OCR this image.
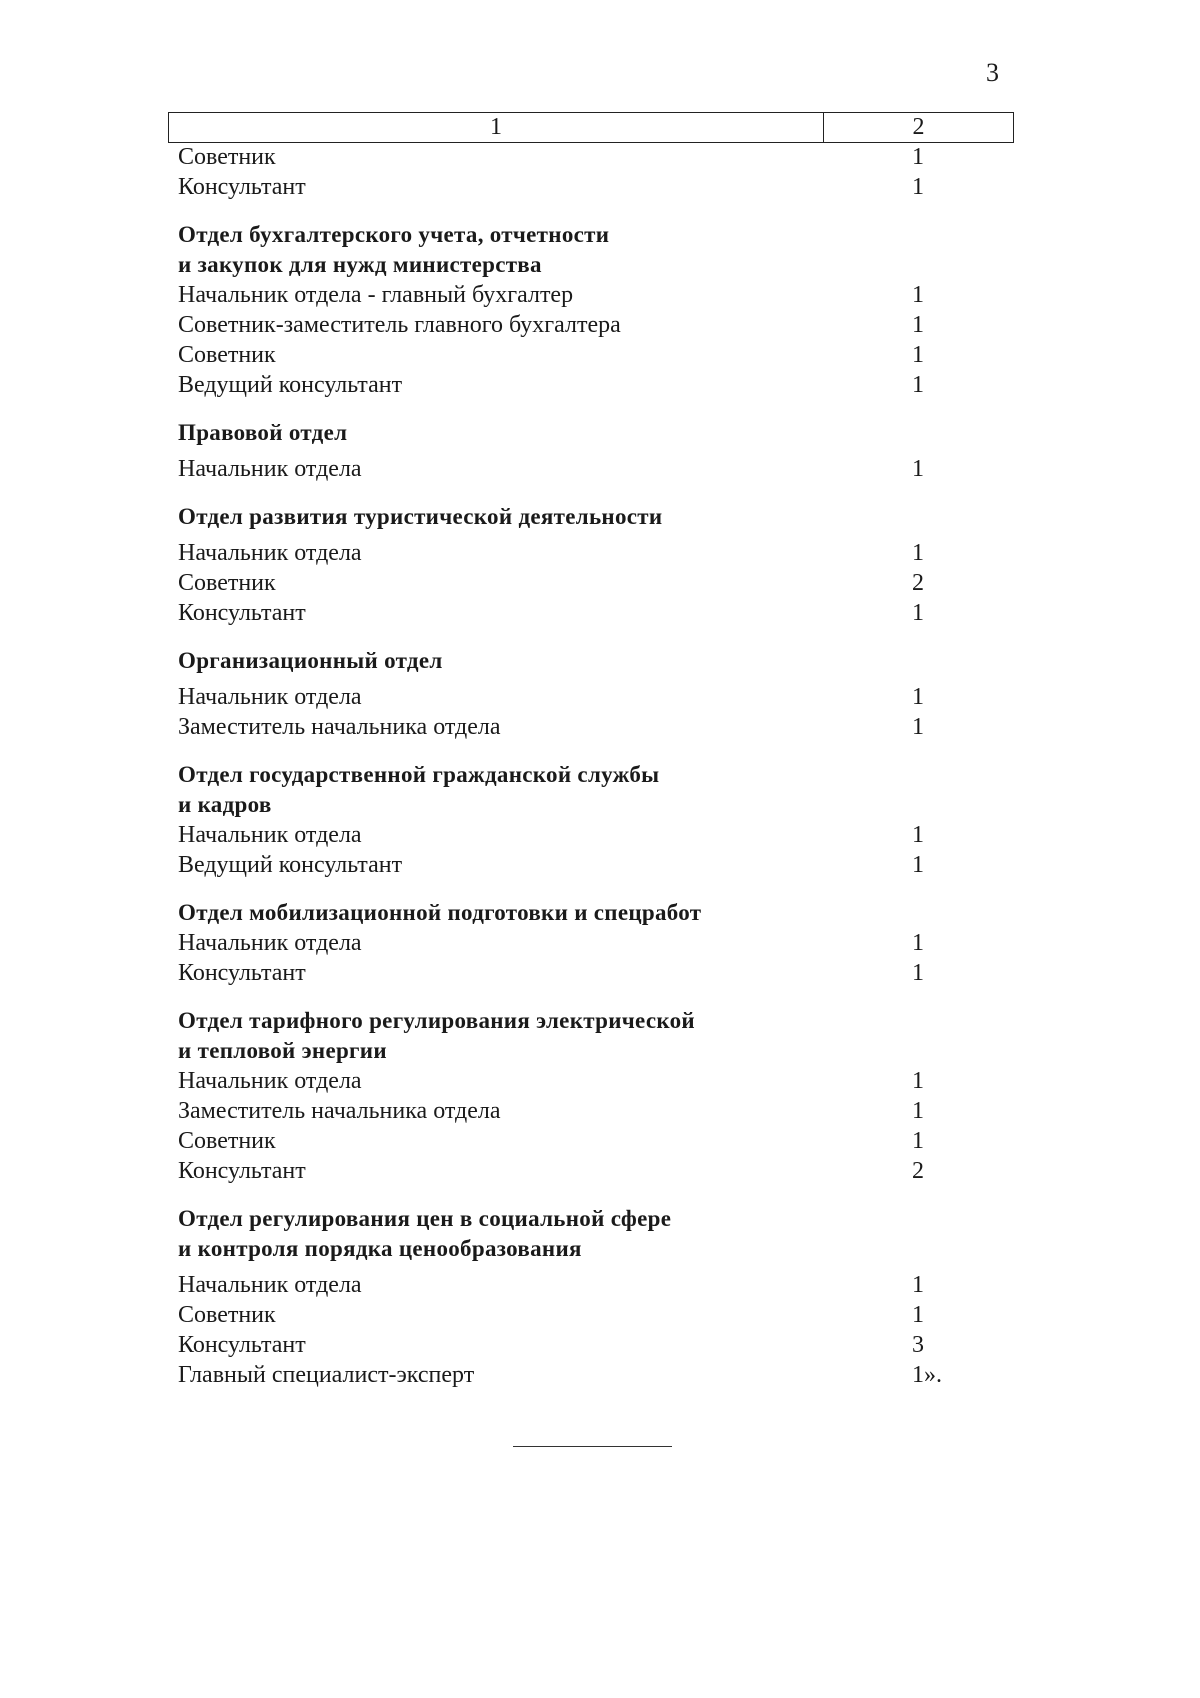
3
1	2
Советник	1
Консультант	1
Отдел бухгалтерского учета, отчетности
и закупок для нужд министерства
Начальник отдела - главный бухгалтер	1
Советник-заместитель главного бухгалтера	1
Советник	1
Ведущий консультант	1
Правовой отдел
Начальник отдела	1
Отдел развития туристической деятельности
Начальник отдела	1
Советник	2
Консультант	1
Организационный отдел
Начальник отдела	1
Заместитель начальника отдела	1
Отдел государственной гражданской службы
и кадров
Начальник отдела	1
Ведущий консультант	1
Отдел мобилизационной подготовки и спецработ
Начальник отдела	1
Консультант	1
Отдел тарифного регулирования электрической
и тепловой энергии
Начальник отдела	1
Заместитель начальника отдела	1
Советник	1
Консультант	2
Отдел регулирования цен в социальной сфере
и контроля порядка ценообразования
Начальник отдела	1
Советник	1
Консультант	3
Главный специалист-эксперт	1».
